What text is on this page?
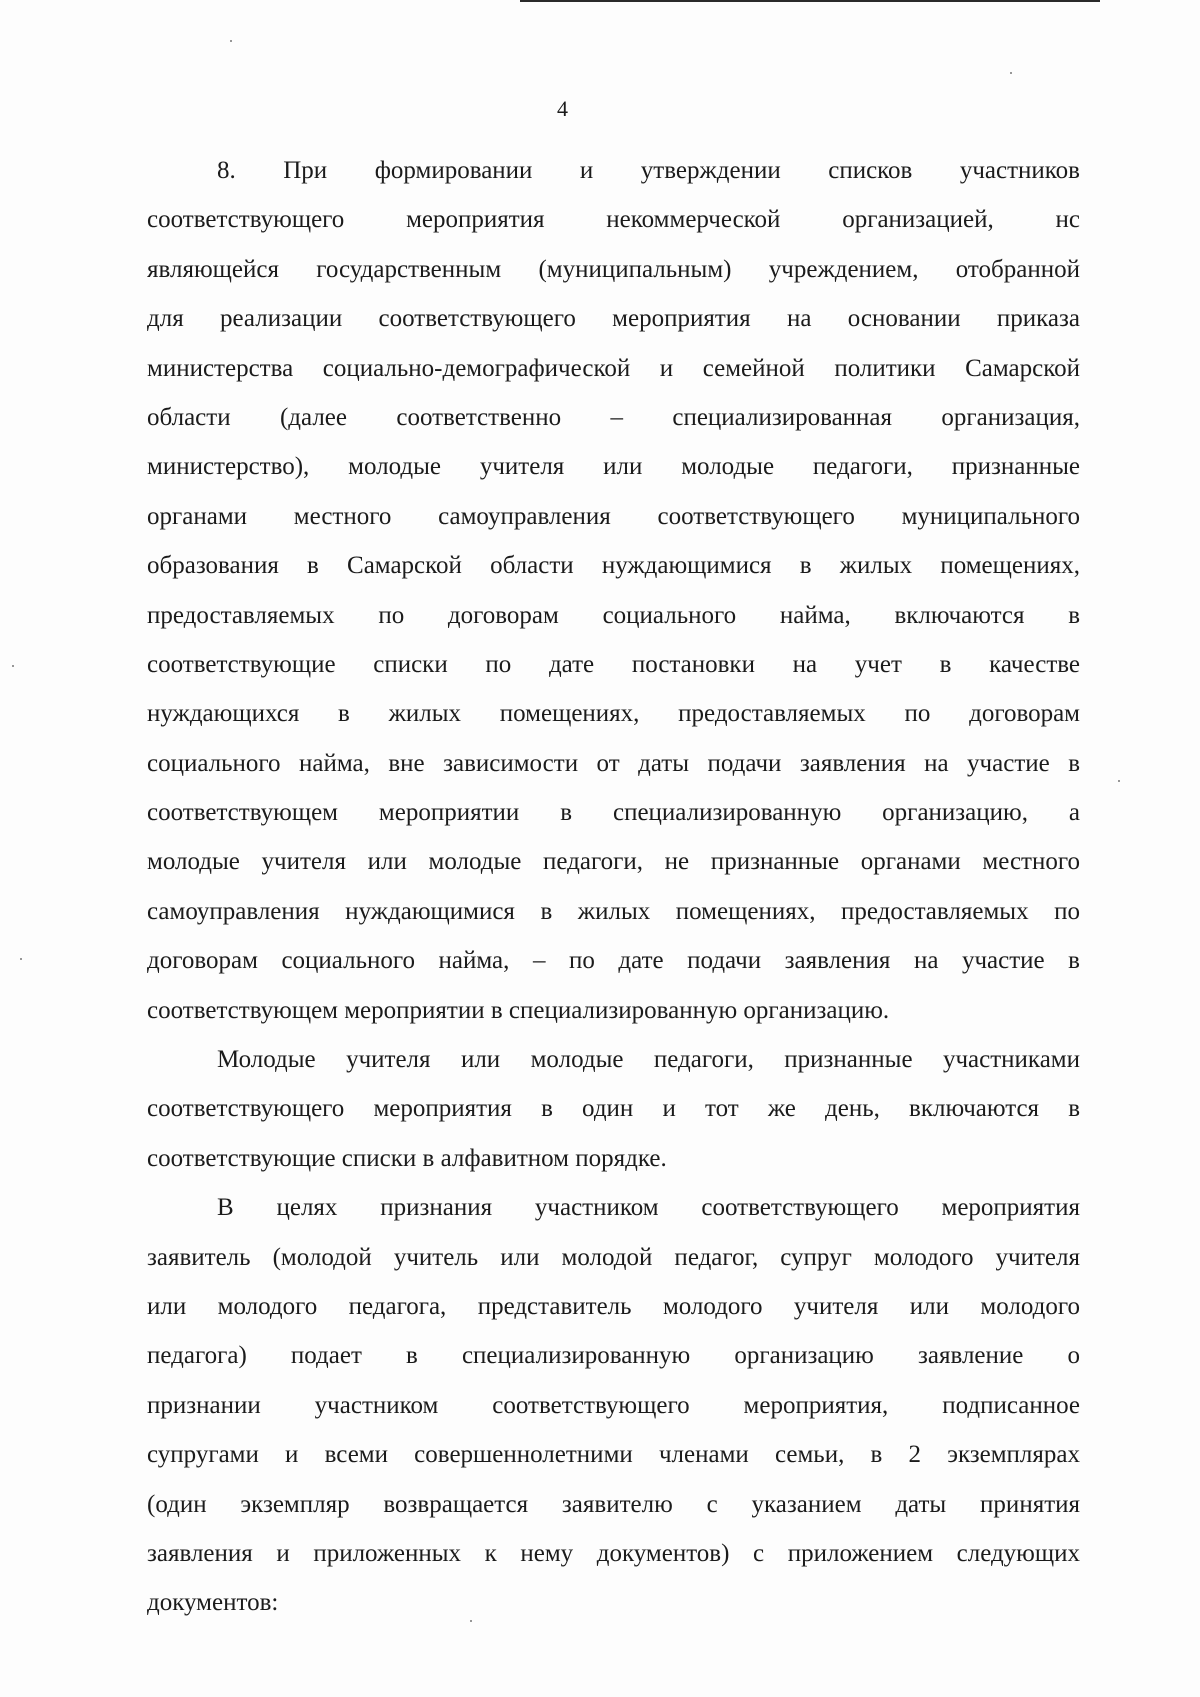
4
8. При формировании и утверждении списков участников
соответствующего мероприятия некоммерческой организацией, нс
являющейся государственным (муниципальным) учреждением, отобранной
для реализации соответствующего мероприятия на основании приказа
министерства социально-демографической и семейной политики Самарской
области (далее соответственно – специализированная организация,
министерство), молодые учителя или молодые педагоги, признанные
органами местного самоуправления соответствующего муниципального
образования в Самарской области нуждающимися в жилых помещениях,
предоставляемых по договорам социального найма, включаются в
соответствующие списки по дате постановки на учет в качестве
нуждающихся в жилых помещениях, предоставляемых по договорам
социального найма, вне зависимости от даты подачи заявления на участие в
соответствующем мероприятии в специализированную организацию, а
молодые учителя или молодые педагоги, не признанные органами местного
самоуправления нуждающимися в жилых помещениях, предоставляемых по
договорам социального найма, – по дате подачи заявления на участие в
соответствующем мероприятии в специализированную организацию.
Молодые учителя или молодые педагоги, признанные участниками
соответствующего мероприятия в один и тот же день, включаются в
соответствующие списки в алфавитном порядке.
В целях признания участником соответствующего мероприятия
заявитель (молодой учитель или молодой педагог, супруг молодого учителя
или молодого педагога, представитель молодого учителя или молодого
педагога) подает в специализированную организацию заявление о
признании участником соответствующего мероприятия, подписанное
супругами и всеми совершеннолетними членами семьи, в 2 экземплярах
(один экземпляр возвращается заявителю с указанием даты принятия
заявления и приложенных к нему документов) с приложением следующих
документов:
